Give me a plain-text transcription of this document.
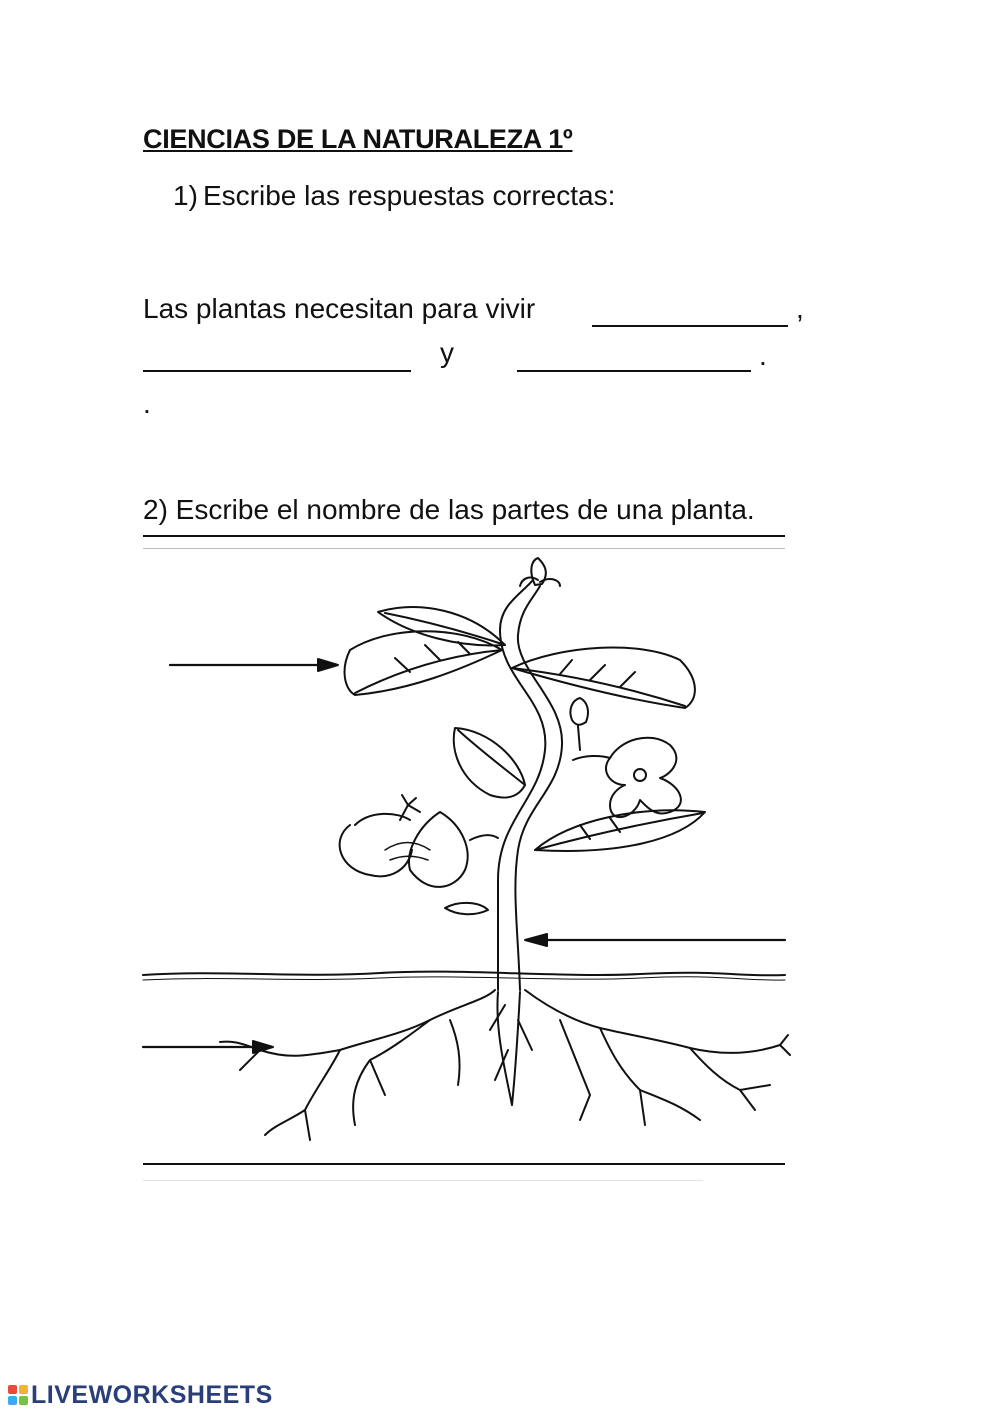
CIENCIAS DE LA NATURALEZA 1º
1) Escribe las respuestas correctas:
Las plantas necesitan para vivir	,
y	.
.
2) Escribe el nombre de las partes de una planta.
LIVEWORKSHEETS
